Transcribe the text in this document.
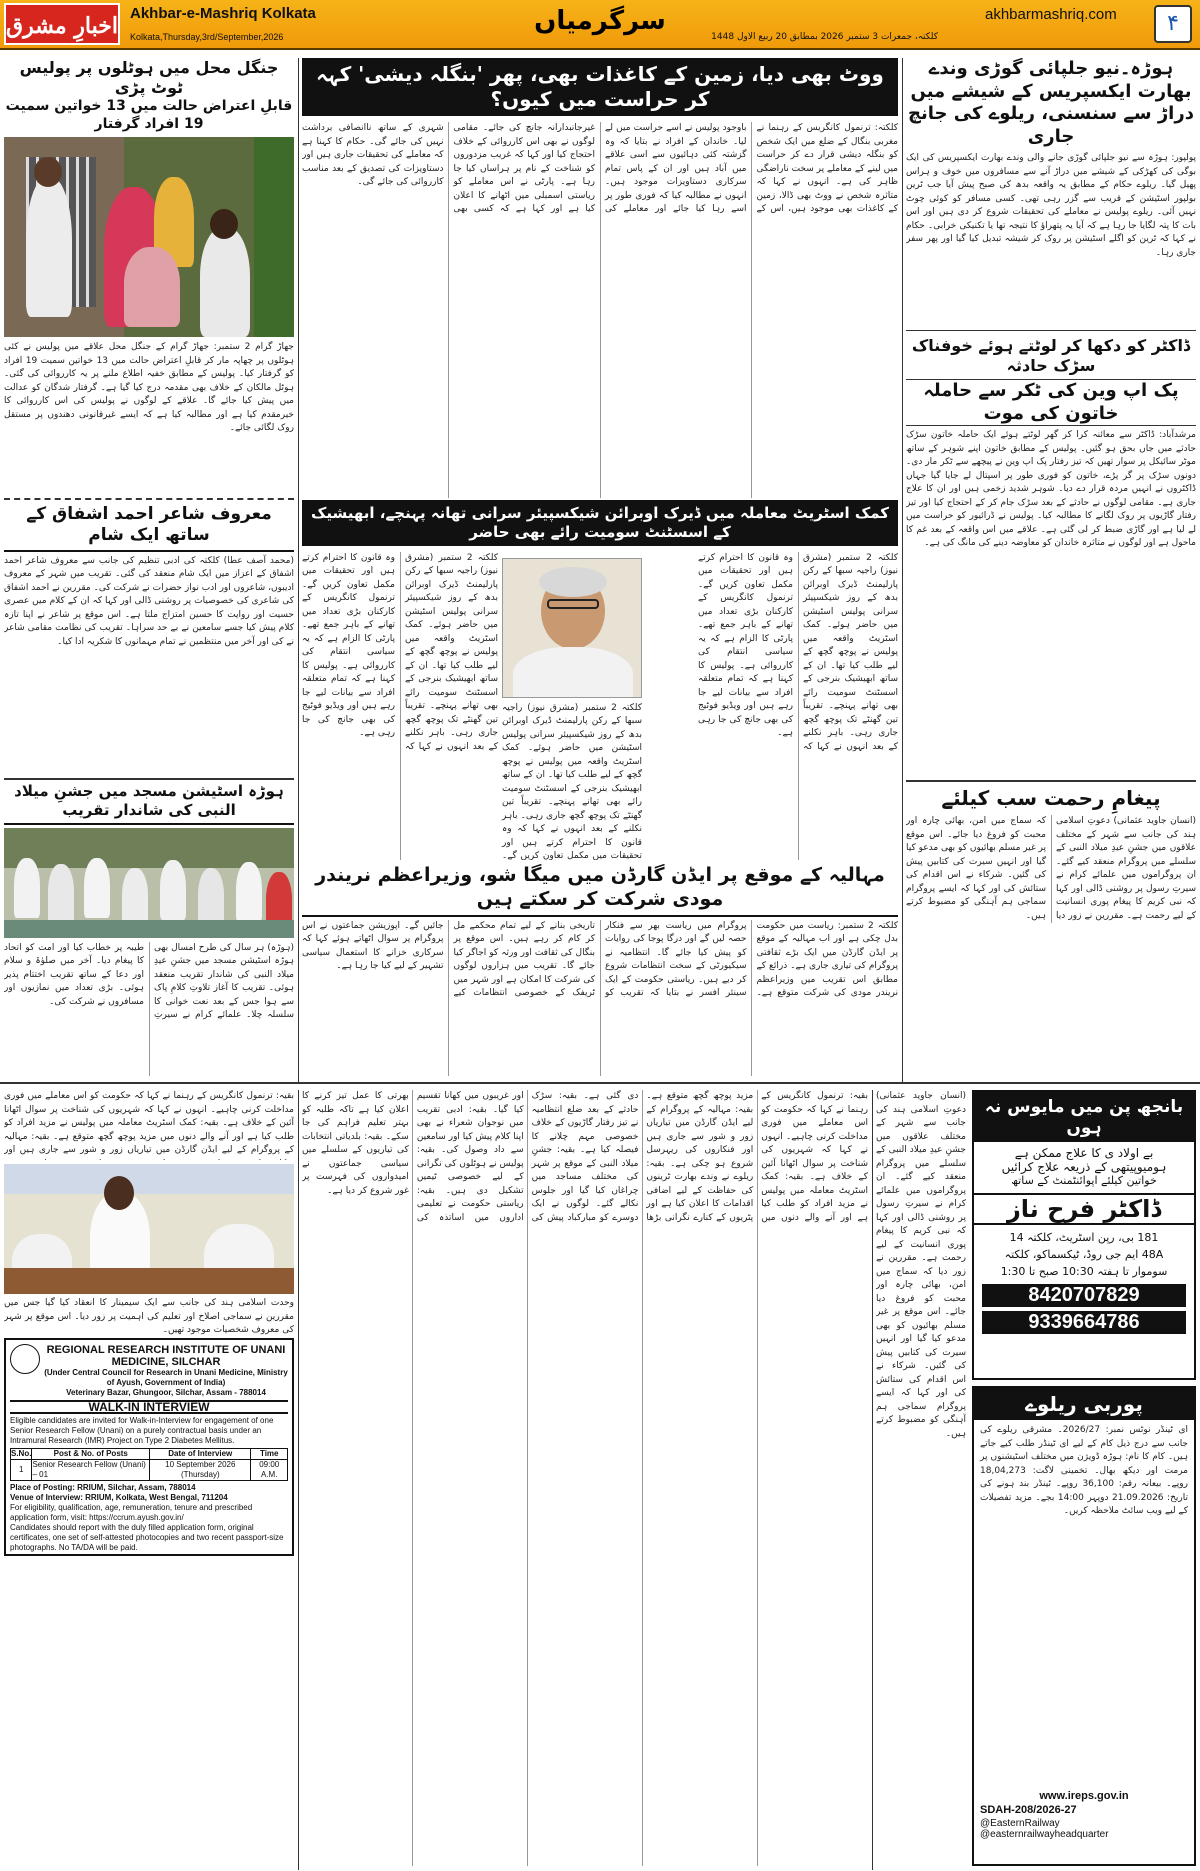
اخبارِ مشرق Akhbar-e-Mashriq Kolkata
Kolkata,Thursday,3rd/September,2026
سرگرمیاں	akhbarmashriq.com
کلکتہ، جمعرات 3 ستمبر 2026 بمطابق 20 ربیع الاول 1448
۴
ہوڑہ۔نیو جلپائی گوڑی وندے بھارت ایکسپریس کے شیشے میں دراڑ سے سنسنی، ریلوے کی جانچ جاری
پولپور: ہوڑہ سے نیو جلپائی گوڑی جانے والی وندے بھارت ایکسپریس کی ایک بوگی کی کھڑکی کے شیشے میں دراڑ آنے سے مسافروں میں خوف و ہراس پھیل گیا۔ ریلوے حکام کے مطابق یہ واقعہ بدھ کی صبح پیش آیا جب ٹرین بولپور اسٹیشن کے قریب سے گزر رہی تھی۔ کسی مسافر کو کوئی چوٹ نہیں آئی۔ ریلوے پولیس نے معاملے کی تحقیقات شروع کر دی ہیں اور اس بات کا پتہ لگایا جا رہا ہے کہ آیا یہ پتھراؤ کا نتیجہ تھا یا تکنیکی خرابی۔ حکام نے کہا کہ ٹرین کو اگلے اسٹیشن پر روک کر شیشہ تبدیل کیا گیا اور پھر سفر جاری رہا۔
ڈاکٹر کو دکھا کر لوٹتے ہوئے خوفناک سڑک حادثہ
پک اپ وین کی ٹکر سے حاملہ خاتون کی موت
مرشدآباد: ڈاکٹر سے معائنہ کرا کر گھر لوٹتے ہوئے ایک حاملہ خاتون سڑک حادثے میں جاں بحق ہو گئیں۔ پولیس کے مطابق خاتون اپنے شوہر کے ساتھ موٹر سائیکل پر سوار تھیں کہ تیز رفتار پک اپ وین نے پیچھے سے ٹکر مار دی۔ دونوں سڑک پر گر پڑے، خاتون کو فوری طور پر اسپتال لے جایا گیا جہاں ڈاکٹروں نے انہیں مردہ قرار دے دیا۔ شوہر شدید زخمی ہیں اور ان کا علاج جاری ہے۔ مقامی لوگوں نے حادثے کے بعد سڑک جام کر کے احتجاج کیا اور تیز رفتار گاڑیوں پر روک لگانے کا مطالبہ کیا۔ پولیس نے ڈرائیور کو حراست میں لے لیا ہے اور گاڑی ضبط کر لی گئی ہے۔ علاقے میں اس واقعہ کے بعد غم کا ماحول ہے اور لوگوں نے متاثرہ خاندان کو معاوضہ دینے کی مانگ کی ہے۔
پیغامِ رحمت سب کیلئے
(انسان جاوید عثمانی) دعوتِ اسلامی ہند کی جانب سے شہر کے مختلف علاقوں میں جشنِ عیدِ میلاد النبی کے سلسلے میں پروگرام منعقد کیے گئے۔ ان پروگراموں میں علمائے کرام نے سیرتِ رسول پر روشنی ڈالی اور کہا کہ نبی کریم کا پیغام پوری انسانیت کے لیے رحمت ہے۔ مقررین نے زور دیا کہ سماج میں امن، بھائی چارہ اور محبت کو فروغ دیا جائے۔ اس موقع پر غیر مسلم بھائیوں کو بھی مدعو کیا گیا اور انہیں سیرت کی کتابیں پیش کی گئیں۔ شرکاء نے اس اقدام کی ستائش کی اور کہا کہ ایسے پروگرام سماجی ہم آہنگی کو مضبوط کرتے ہیں۔
ووٹ بھی دیا، زمین کے کاغذات بھی، پھر 'بنگلہ دیشی' کہہ کر حراست میں کیوں؟
کلکتہ: ترنمول کانگریس کے رہنما نے مغربی بنگال کے ضلع میں ایک شخص کو بنگلہ دیشی قرار دے کر حراست میں لینے کے معاملے پر سخت ناراضگی ظاہر کی ہے۔ انہوں نے کہا کہ متاثرہ شخص نے ووٹ بھی ڈالا، زمین کے کاغذات بھی موجود ہیں، اس کے باوجود پولیس نے اسے حراست میں لے لیا۔ خاندان کے افراد نے بتایا کہ وہ گزشتہ کئی دہائیوں سے اسی علاقے میں آباد ہیں اور ان کے پاس تمام سرکاری دستاویزات موجود ہیں۔ انہوں نے مطالبہ کیا کہ فوری طور پر اسے رہا کیا جائے اور معاملے کی غیرجانبدارانہ جانچ کی جائے۔ مقامی لوگوں نے بھی اس کارروائی کے خلاف احتجاج کیا اور کہا کہ غریب مزدوروں کو شناخت کے نام پر ہراساں کیا جا رہا ہے۔ پارٹی نے اس معاملے کو ریاستی اسمبلی میں اٹھانے کا اعلان کیا ہے اور کہا ہے کہ کسی بھی شہری کے ساتھ ناانصافی برداشت نہیں کی جائے گی۔ حکام کا کہنا ہے کہ معاملے کی تحقیقات جاری ہیں اور دستاویزات کی تصدیق کے بعد مناسب کارروائی کی جائے گی۔
کمک اسٹریٹ معاملہ میں ڈیرک اوبرائن شیکسپیئر سرانی تھانہ پہنچے، ابھیشیک کے اسسٹنٹ سومیت رائے بھی حاضر
کلکتہ 2 ستمبر (مشرق نیوز) راجیہ سبھا کے رکن پارلیمنٹ ڈیرک اوبرائن بدھ کے روز شیکسپیئر سرانی پولیس اسٹیشن میں حاضر ہوئے۔ کمک اسٹریٹ واقعہ میں پولیس نے پوچھ گچھ کے لیے طلب کیا تھا۔ ان کے ساتھ ابھیشیک بنرجی کے اسسٹنٹ سومیت رائے بھی تھانے پہنچے۔ تقریباً تین گھنٹے تک پوچھ گچھ جاری رہی۔ باہر نکلنے کے بعد انہوں نے کہا کہ وہ قانون کا احترام کرتے ہیں اور تحقیقات میں مکمل تعاون کریں گے۔ ترنمول کانگریس کے کارکنان بڑی تعداد میں تھانے کے باہر جمع تھے۔ پارٹی کا الزام ہے کہ یہ سیاسی انتقام کی کارروائی ہے۔ پولیس کا کہنا ہے کہ تمام متعلقہ افراد سے بیانات لیے جا رہے ہیں اور ویڈیو فوٹیج کی بھی جانچ کی جا رہی ہے۔
کلکتہ 2 ستمبر (مشرق نیوز) راجیہ سبھا کے رکن پارلیمنٹ ڈیرک اوبرائن بدھ کے روز شیکسپیئر سرانی پولیس اسٹیشن میں حاضر ہوئے۔ کمک اسٹریٹ واقعہ میں پولیس نے پوچھ گچھ کے لیے طلب کیا تھا۔ ان کے ساتھ ابھیشیک بنرجی کے اسسٹنٹ سومیت رائے بھی تھانے پہنچے۔ تقریباً تین گھنٹے تک پوچھ گچھ جاری رہی۔ باہر نکلنے کے بعد انہوں نے کہا کہ وہ قانون کا احترام کرتے ہیں اور تحقیقات میں مکمل تعاون کریں گے۔ ترنمول کانگریس کے کارکنان بڑی تعداد میں تھانے کے باہر جمع تھے۔ پارٹی کا الزام ہے کہ یہ سیاسی انتقام کی کارروائی ہے۔ پولیس کا کہنا ہے کہ تمام متعلقہ افراد سے بیانات لیے جا رہے ہیں اور ویڈیو فوٹیج کی بھی جانچ کی جا رہی ہے۔
کلکتہ 2 ستمبر (مشرق نیوز) راجیہ سبھا کے رکن پارلیمنٹ ڈیرک اوبرائن بدھ کے روز شیکسپیئر سرانی پولیس اسٹیشن میں حاضر ہوئے۔ کمک اسٹریٹ واقعہ میں پولیس نے پوچھ گچھ کے لیے طلب کیا تھا۔ ان کے ساتھ ابھیشیک بنرجی کے اسسٹنٹ سومیت رائے بھی تھانے پہنچے۔ تقریباً تین گھنٹے تک پوچھ گچھ جاری رہی۔ باہر نکلنے کے بعد انہوں نے کہا کہ وہ قانون کا احترام کرتے ہیں اور تحقیقات میں مکمل تعاون کریں گے۔
مہالیہ کے موقع پر ایڈن گارڈن میں میگا شو، وزیراعظم نریندر مودی شرکت کر سکتے ہیں
کلکتہ 2 ستمبر: ریاست میں حکومت بدل چکی ہے اور اب مہالیہ کے موقع پر ایڈن گارڈن میں ایک بڑے ثقافتی پروگرام کی تیاری جاری ہے۔ ذرائع کے مطابق اس تقریب میں وزیراعظم نریندر مودی کی شرکت متوقع ہے۔ پروگرام میں ریاست بھر سے فنکار حصہ لیں گے اور درگا پوجا کی روایات کو پیش کیا جائے گا۔ انتظامیہ نے سیکیورٹی کے سخت انتظامات شروع کر دیے ہیں۔ ریاستی حکومت کے ایک سینئر افسر نے بتایا کہ تقریب کو تاریخی بنانے کے لیے تمام محکمے مل کر کام کر رہے ہیں۔ اس موقع پر بنگال کی ثقافت اور ورثہ کو اجاگر کیا جائے گا۔ تقریب میں ہزاروں لوگوں کی شرکت کا امکان ہے اور شہر میں ٹریفک کے خصوصی انتظامات کیے جائیں گے۔ اپوزیشن جماعتوں نے اس پروگرام پر سوال اٹھاتے ہوئے کہا کہ سرکاری خزانے کا استعمال سیاسی تشہیر کے لیے کیا جا رہا ہے۔
جنگل محل میں ہوٹلوں پر پولیس ٹوٹ پڑی
قابلِ اعتراض حالت میں 13 خواتین سمیت 19 افراد گرفتار
جھاڑ گرام 2 ستمبر: جھاڑ گرام کے جنگل محل علاقے میں پولیس نے کئی ہوٹلوں پر چھاپہ مار کر قابلِ اعتراض حالت میں 13 خواتین سمیت 19 افراد کو گرفتار کیا۔ پولیس کے مطابق خفیہ اطلاع ملنے پر یہ کارروائی کی گئی۔ ہوٹل مالکان کے خلاف بھی مقدمہ درج کیا گیا ہے۔ گرفتار شدگان کو عدالت میں پیش کیا جائے گا۔ علاقے کے لوگوں نے پولیس کی اس کارروائی کا خیرمقدم کیا ہے اور مطالبہ کیا ہے کہ ایسے غیرقانونی دھندوں پر مستقل روک لگائی جائے۔
معروف شاعر احمد اشفاق کے ساتھ ایک شام
(محمد آصف عطا) کلکتہ کی ادبی تنظیم کی جانب سے معروف شاعر احمد اشفاق کے اعزاز میں ایک شام منعقد کی گئی۔ تقریب میں شہر کے معروف ادیبوں، شاعروں اور ادب نواز حضرات نے شرکت کی۔ مقررین نے احمد اشفاق کی شاعری کی خصوصیات پر روشنی ڈالی اور کہا کہ ان کے کلام میں عصری حسیت اور روایت کا حسین امتزاج ملتا ہے۔ اس موقع پر شاعر نے اپنا تازہ کلام پیش کیا جسے سامعین نے بے حد سراہا۔ تقریب کی نظامت مقامی شاعر نے کی اور آخر میں منتظمین نے تمام مہمانوں کا شکریہ ادا کیا۔
ہوڑہ اسٹیشن مسجد میں جشنِ میلاد النبی کی شاندار تقریب
(ہوڑہ) ہر سال کی طرح امسال بھی ہوڑہ اسٹیشن مسجد میں جشنِ عیدِ میلاد النبی کی شاندار تقریب منعقد ہوئی۔ تقریب کا آغاز تلاوتِ کلامِ پاک سے ہوا جس کے بعد نعت خوانی کا سلسلہ چلا۔ علمائے کرام نے سیرتِ طیبہ پر خطاب کیا اور امت کو اتحاد کا پیغام دیا۔ آخر میں صلوٰۃ و سلام اور دعا کے ساتھ تقریب اختتام پذیر ہوئی۔ بڑی تعداد میں نمازیوں اور مسافروں نے شرکت کی۔
بقیہ: ترنمول کانگریس کے رہنما نے کہا کہ حکومت کو اس معاملے میں فوری مداخلت کرنی چاہیے۔ انہوں نے کہا کہ شہریوں کی شناخت پر سوال اٹھانا آئین کے خلاف ہے۔ بقیہ: کمک اسٹریٹ معاملہ میں پولیس نے مزید افراد کو طلب کیا ہے اور آنے والے دنوں میں مزید پوچھ گچھ متوقع ہے۔ بقیہ: مہالیہ کے پروگرام کے لیے ایڈن گارڈن میں تیاریاں زور و شور سے جاری ہیں اور
وحدت اسلامی ہند کی جانب سے ایک سیمینار کا انعقاد کیا گیا جس میں مقررین نے سماجی اصلاح اور تعلیم کی اہمیت پر زور دیا۔ اس موقع پر شہر کی معروف شخصیات موجود تھیں۔
REGIONAL RESEARCH INSTITUTE OF UNANI MEDICINE, SILCHAR
(Under Central Council for Research in Unani Medicine, Ministry of Ayush, Government of India)
Veterinary Bazar, Ghungoor, Silchar, Assam - 788014
WALK-IN INTERVIEW
Eligible candidates are invited for Walk-in-Interview for engagement of one Senior Research Fellow (Unani) on a purely contractual basis under an Intramural Research (IMR) Project on Type 2 Diabetes Mellitus.
S.No.	Post & No. of Posts	Date of Interview	Time
1	Senior Research Fellow (Unani) – 01	10 September 2026 (Thursday)	09:00 A.M.
Place of Posting: RRIUM, Silchar, Assam, 788014
Venue of Interview: RRIUM, Kolkata, West Bengal, 711204
For eligibility, qualification, age, remuneration, tenure and prescribed application form, visit: https://ccrum.ayush.gov.in/
Candidates should report with the duly filled application form, original certificates, one set of self-attested photocopies and two recent passport-size photographs. No TA/DA will be paid.
بقیہ: ترنمول کانگریس کے رہنما نے کہا کہ حکومت کو اس معاملے میں فوری مداخلت کرنی چاہیے۔ انہوں نے کہا کہ شہریوں کی شناخت پر سوال اٹھانا آئین کے خلاف ہے۔ بقیہ: کمک اسٹریٹ معاملہ میں پولیس نے مزید افراد کو طلب کیا ہے اور آنے والے دنوں میں مزید پوچھ گچھ متوقع ہے۔ بقیہ: مہالیہ کے پروگرام کے لیے ایڈن گارڈن میں تیاریاں زور و شور سے جاری ہیں اور فنکاروں کی ریہرسل شروع ہو چکی ہے۔ بقیہ: ریلوے نے وندے بھارت ٹرینوں کی حفاظت کے لیے اضافی اقدامات کا اعلان کیا ہے اور پٹریوں کے کنارے نگرانی بڑھا دی گئی ہے۔ بقیہ: سڑک حادثے کے بعد ضلع انتظامیہ نے تیز رفتار گاڑیوں کے خلاف خصوصی مہم چلانے کا فیصلہ کیا ہے۔ بقیہ: جشنِ میلاد النبی کے موقع پر شہر کی مختلف مساجد میں چراغاں کیا گیا اور جلوس نکالے گئے۔ لوگوں نے ایک دوسرے کو مبارکباد پیش کی اور غریبوں میں کھانا تقسیم کیا گیا۔ بقیہ: ادبی تقریب میں نوجوان شعراء نے بھی اپنا کلام پیش کیا اور سامعین سے داد وصول کی۔ بقیہ: پولیس نے ہوٹلوں کی نگرانی کے لیے خصوصی ٹیمیں تشکیل دی ہیں۔ بقیہ: ریاستی حکومت نے تعلیمی اداروں میں اساتذہ کی بھرتی کا عمل تیز کرنے کا اعلان کیا ہے تاکہ طلبہ کو بہتر تعلیم فراہم کی جا سکے۔ بقیہ: بلدیاتی انتخابات کی تیاریوں کے سلسلے میں سیاسی جماعتوں نے امیدواروں کی فہرست پر غور شروع کر دیا ہے۔
(انسان جاوید عثمانی) دعوتِ اسلامی ہند کی جانب سے شہر کے مختلف علاقوں میں جشنِ عیدِ میلاد النبی کے سلسلے میں پروگرام منعقد کیے گئے۔ ان پروگراموں میں علمائے کرام نے سیرتِ رسول پر روشنی ڈالی اور کہا کہ نبی کریم کا پیغام پوری انسانیت کے لیے رحمت ہے۔ مقررین نے زور دیا کہ سماج میں امن، بھائی چارہ اور محبت کو فروغ دیا جائے۔ اس موقع پر غیر مسلم بھائیوں کو بھی مدعو کیا گیا اور انہیں سیرت کی کتابیں پیش کی گئیں۔ شرکاء نے اس اقدام کی ستائش کی اور کہا کہ ایسے پروگرام سماجی ہم آہنگی کو مضبوط کرتے ہیں۔
بانجھ پن میں مایوس نہ ہوں
بے اولاد ی کا علاج ممکن ہے
ہومیوپیتھی کے ذریعہ علاج کرائیں
خواتین کیلئے اپوائنٹمنٹ کے ساتھ
ڈاکٹر فرح ناز
181 بی، رپن اسٹریٹ، کلکتہ 14
48A ایم جی روڈ، ٹیکسماکو، کلکتہ
سوموار تا ہفتہ 10:30 صبح تا 1:30
8420707829
9339664786
پوربی ریلوے
ای ٹینڈر نوٹس نمبر: 2026/27۔ مشرقی ریلوے کی جانب سے درج ذیل کام کے لیے ای ٹینڈر طلب کیے جاتے ہیں۔ کام کا نام: ہوڑہ ڈویژن میں مختلف اسٹیشنوں پر مرمت اور دیکھ بھال۔ تخمینی لاگت: 18,04,273 روپے۔ بیعانہ رقم: 36,100 روپے۔ ٹینڈر بند ہونے کی تاریخ: 21.09.2026 دوپہر 14:00 بجے۔ مزید تفصیلات کے لیے ویب سائٹ ملاحظہ کریں۔
www.ireps.gov.in
SDAH-208/2026-27
@EasternRailway
@easternrailwayheadquarter
